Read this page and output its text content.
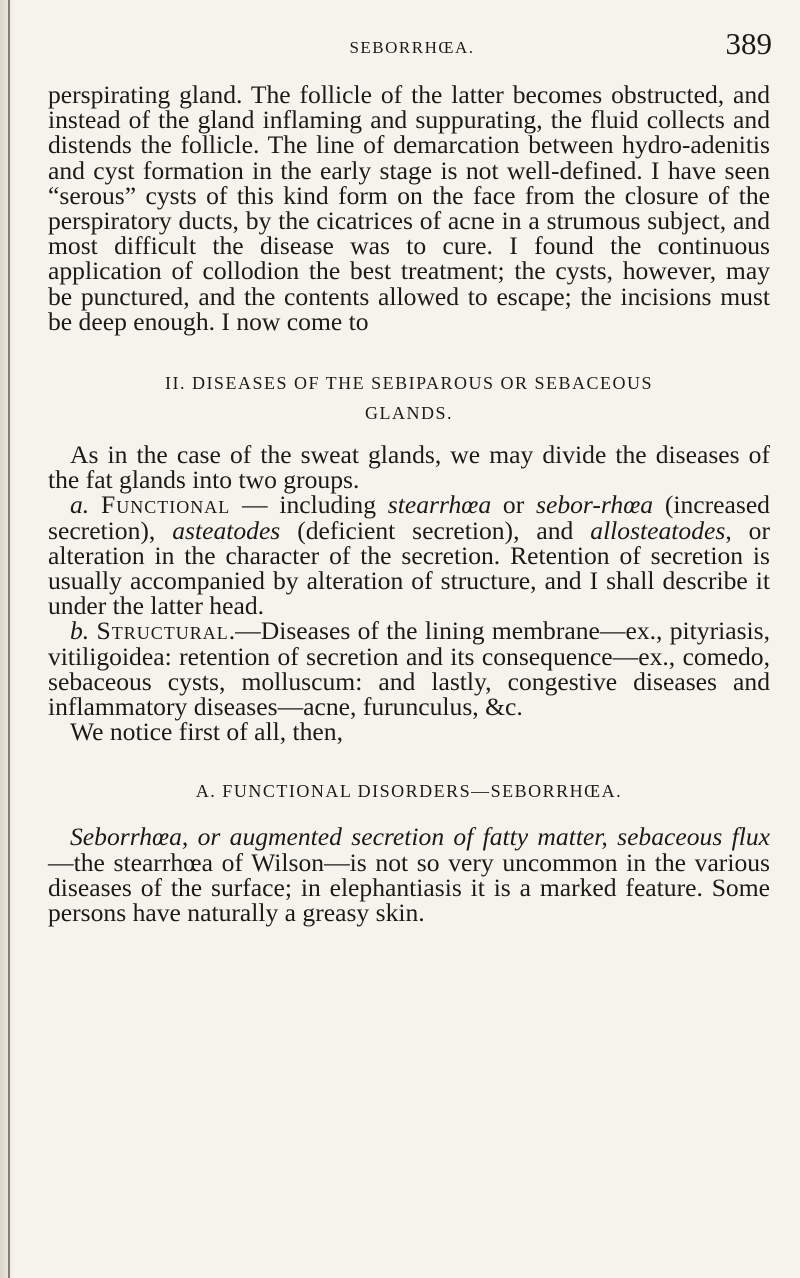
SEBORRHŒA.	389

perspirating gland. The follicle of the latter becomes obstructed, and instead of the gland inflaming and suppurating, the fluid collects and distends the follicle. The line of demarcation between hydro-adenitis and cyst formation in the early stage is not well-defined. I have seen “serous” cysts of this kind form on the face from the closure of the perspiratory ducts, by the cicatrices of acne in a strumous subject, and most difficult the disease was to cure. I found the continuous application of collodion the best treatment; the cysts, however, may be punctured, and the contents allowed to escape; the incisions must be deep enough. I now come to

II. DISEASES OF THE SEBIPAROUS OR SEBACEOUS

GLANDS.

As in the case of the sweat glands, we may divide the diseases of the fat glands into two groups.

a. Functional — including stearrhœa or sebor-rhœa (increased secretion), asteatodes (deficient secretion), and allosteatodes, or alteration in the character of the secretion. Retention of secretion is usually accompanied by alteration of structure, and I shall describe it under the latter head.

b. Structural.—Diseases of the lining membrane—ex., pityriasis, vitiligoidea: retention of secretion and its consequence—ex., comedo, sebaceous cysts, molluscum: and lastly, congestive diseases and inflammatory diseases—acne, furunculus, &c.

We notice first of all, then,

A. FUNCTIONAL DISORDERS—SEBORRHŒA.

Seborrhœa, or augmented secretion of fatty matter, sebaceous flux—the stearrhœa of Wilson—is not so very uncommon in the various diseases of the surface; in elephantiasis it is a marked feature. Some persons have naturally a greasy skin.
